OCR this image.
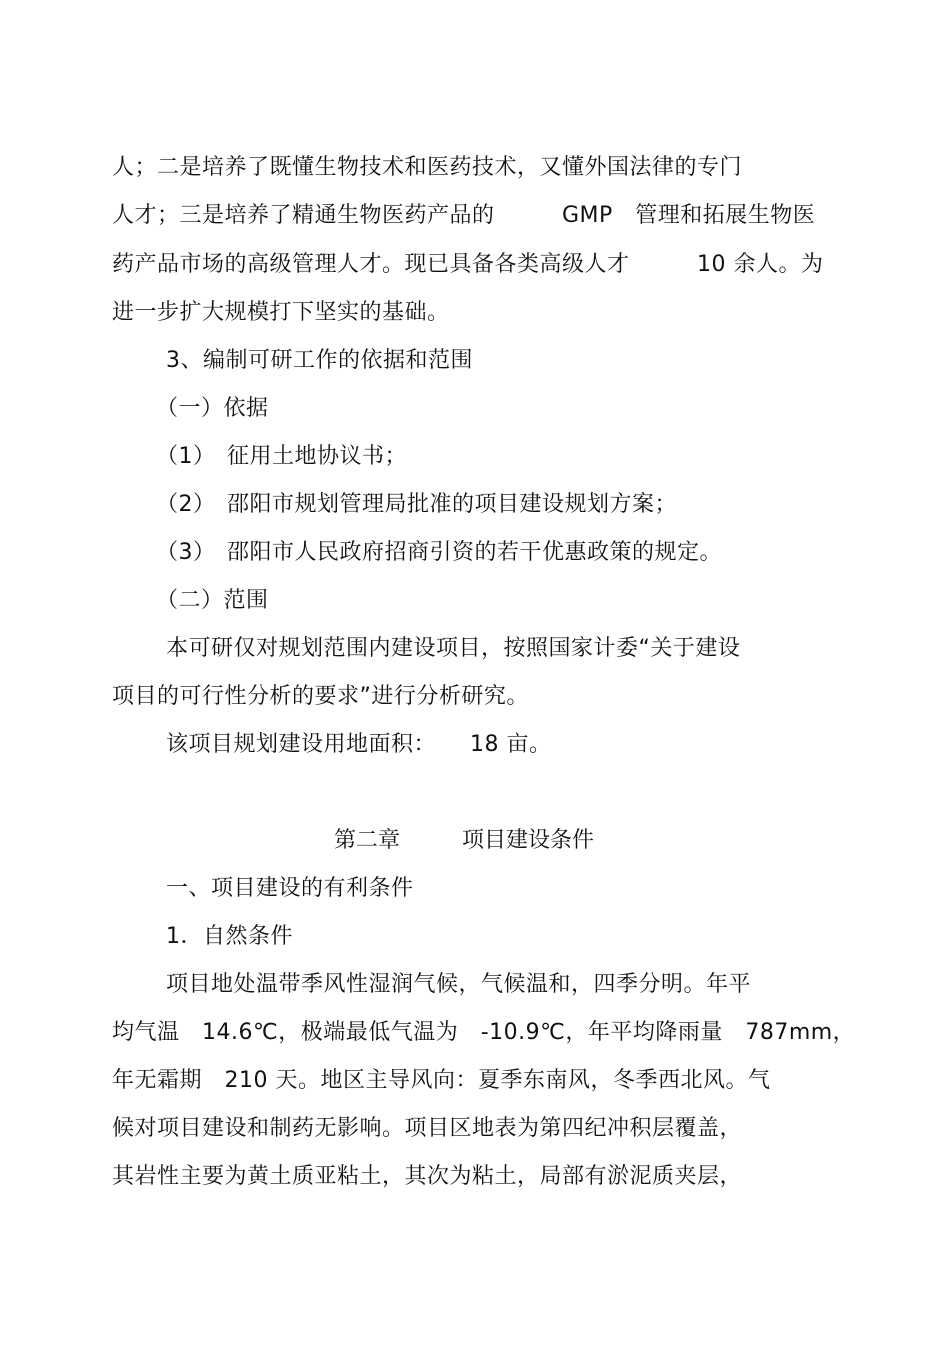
人；二是培养了既懂生物技术和医药技术，又懂外国法律的专门
人才；三是培养了精通生物医药产品的　　　GMP　管理和拓展生物医
药产品市场的高级管理人才。现已具备各类高级人才　　　10 余人。为
进一步扩大规模打下坚实的基础。
3、编制可研工作的依据和范围
（一）依据
（1）　征用土地协议书；
（2）　邵阳市规划管理局批准的项目建设规划方案；
（3）　邵阳市人民政府招商引资的若干优惠政策的规定。
（二）范围
本可研仅对规划范围内建设项目，按照国家计委“关于建设
项目的可行性分析的要求”进行分析研究。
该项目规划建设用地面积：　　18 亩。
第二章	项目建设条件
一、项目建设的有利条件
1．自然条件
项目地处温带季风性湿润气候，气候温和，四季分明。年平
均气温　14.6℃，极端最低气温为　-10.9℃，年平均降雨量　787mm，
年无霜期　210 天。地区主导风向：夏季东南风，冬季西北风。气
候对项目建设和制药无影响。项目区地表为第四纪冲积层覆盖，
其岩性主要为黄土质亚粘土，其次为粘土，局部有淤泥质夹层，
